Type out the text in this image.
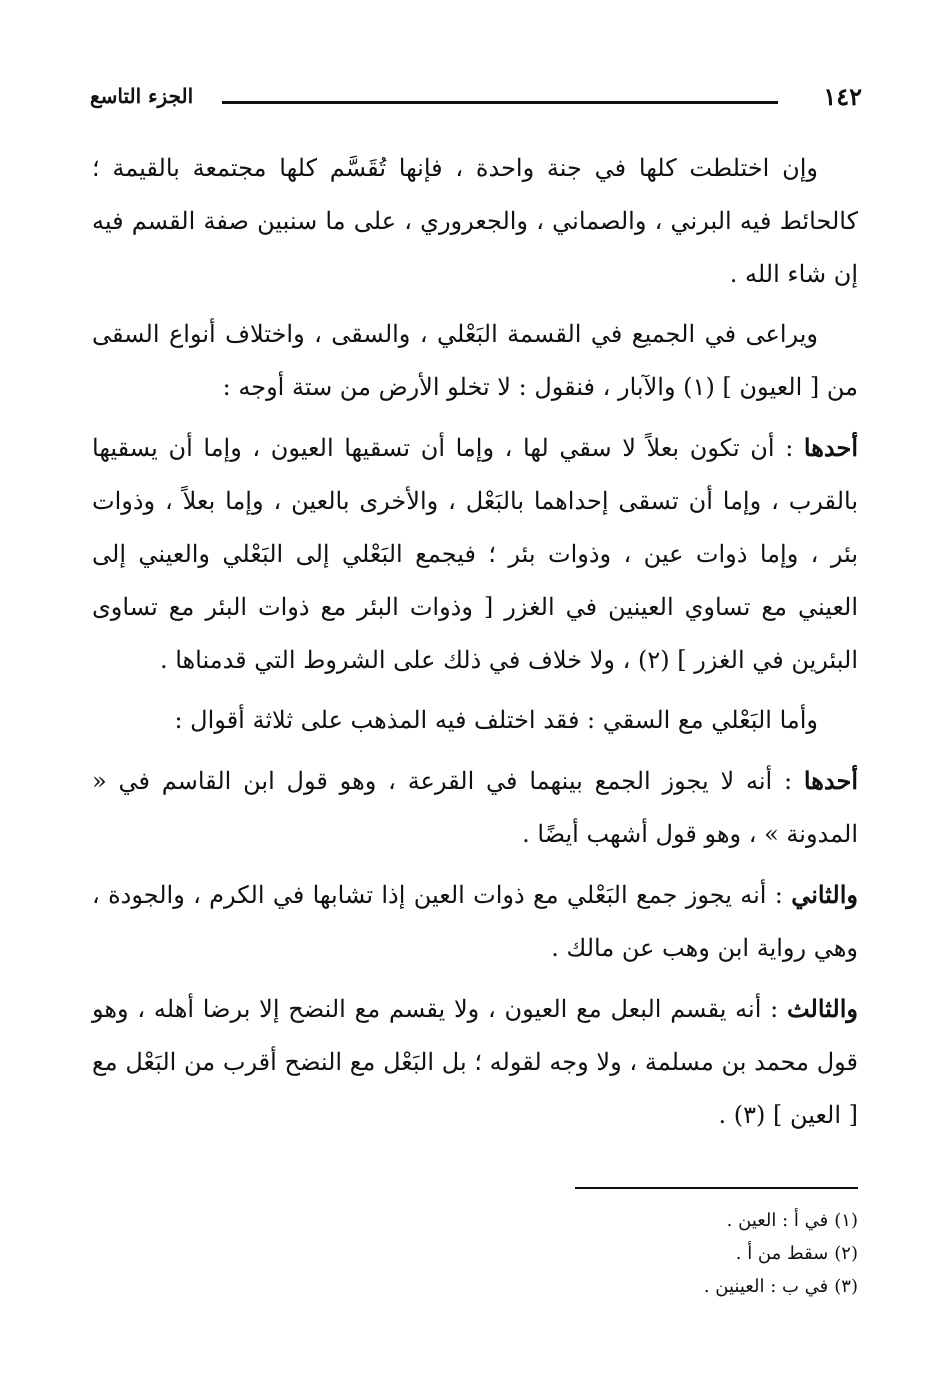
١٤٢
الجزء التاسع

وإن اختلطت كلها في جنة واحدة ، فإنها تُقَسَّم كلها مجتمعة بالقيمة ؛ كالحائط فيه البرني ، والصماني ، والجعروري ، على ما سنبين صفة القسم فيه إن شاء الله .

ويراعى في الجميع في القسمة البَعْلي ، والسقى ، واختلاف أنواع السقى من [ العيون ] (١) والآبار ، فنقول : لا تخلو الأرض من ستة أوجه :

أحدها : أن تكون بعلاً لا سقي لها ، وإما أن تسقيها العيون ، وإما أن يسقيها بالقرب ، وإما أن تسقى إحداهما بالبَعْل ، والأخرى بالعين ، وإما بعلاً ، وذوات بئر ، وإما ذوات عين ، وذوات بئر ؛ فيجمع البَعْلي إلى البَعْلي والعيني إلى العيني مع تساوي العينين في الغزر [ وذوات البئر مع ذوات البئر مع تساوى البئرين في الغزر ] (٢) ، ولا خلاف في ذلك على الشروط التي قدمناها .

وأما البَعْلي مع السقي : فقد اختلف فيه المذهب على ثلاثة أقوال :

أحدها : أنه لا يجوز الجمع بينهما في القرعة ، وهو قول ابن القاسم في « المدونة » ، وهو قول أشهب أيضًا .

والثاني : أنه يجوز جمع البَعْلي مع ذوات العين إذا تشابها في الكرم ، والجودة ، وهي رواية ابن وهب عن مالك .

والثالث : أنه يقسم البعل مع العيون ، ولا يقسم مع النضح إلا برضا أهله ، وهو قول محمد بن مسلمة ، ولا وجه لقوله ؛ بل البَعْل مع النضح أقرب من البَعْل مع [ العين ] (٣) .

(١)في أ : العين .
(٢)سقط من أ .
(٣)في ب : العينين .
